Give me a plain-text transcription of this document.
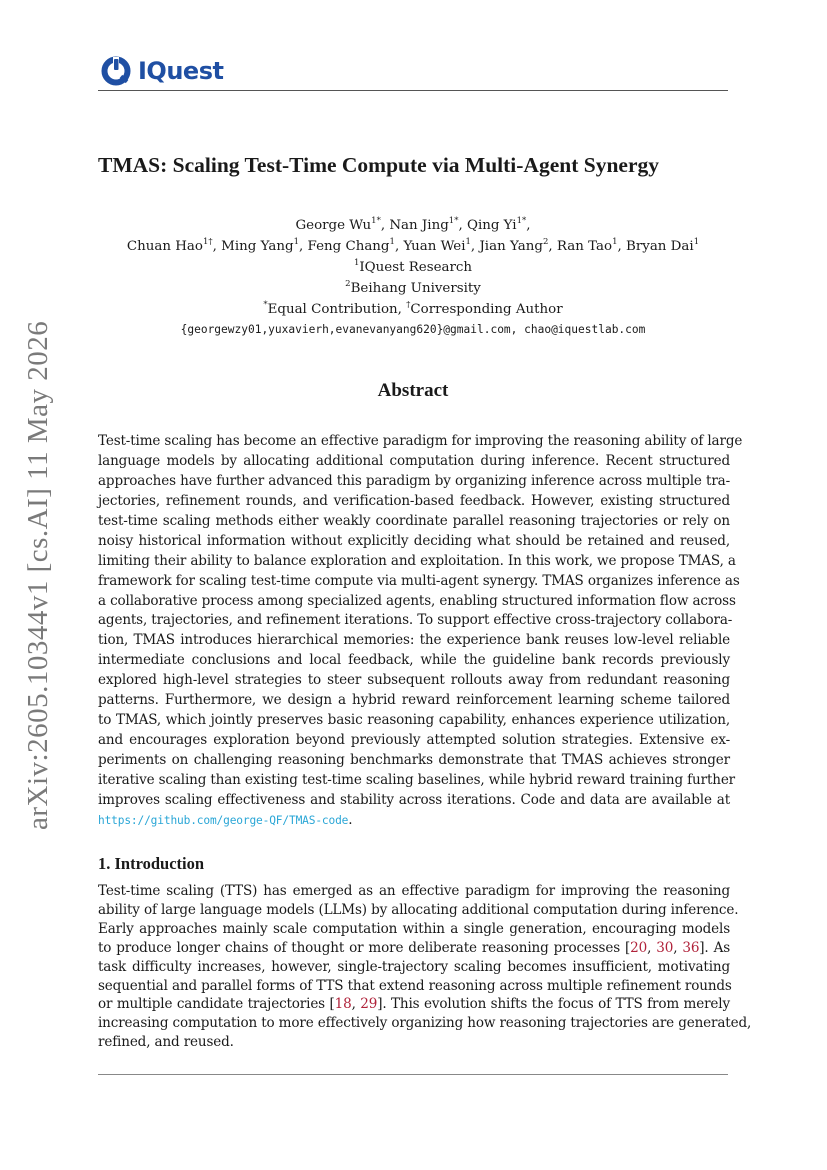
arXiv:2605.10344v1 [cs.AI] 11 May 2026
IQuest
TMAS: Scaling Test-Time Compute via Multi-Agent Synergy
George $Wu^{1*}$, Nan Jing$^{1*}$, Qing $Yi^{1*}$,
Chuan Hao$^{1\dagger}$, Ming Yang$^1$, Feng Chang$^1$, Yuan Wei$^1$, Jian Yang$^2$, Ran Tao$^1$, Bryan Dai$^1$
$^1$IQuest Research
$^2$Beihang University
*Equal Contribution, †Corresponding Author
{georgewzy01,yuxavierh,evanevanyang620}@gmail.com, chao@iquestlab.com
Abstract
Test-time scaling has become an effective paradigm for improving the reasoning ability of large
language models by allocating additional computation during inference. Recent structured
approaches have further advanced this paradigm by organizing inference across multiple tra-
jectories, refinement rounds, and verification-based feedback. However, existing structured
test-time scaling methods either weakly coordinate parallel reasoning trajectories or rely on
noisy historical information without explicitly deciding what should be retained and reused,
limiting their ability to balance exploration and exploitation. In this work, we propose TMAS, a
framework for scaling test-time compute via multi-agent synergy. TMAS organizes inference as
a collaborative process among specialized agents, enabling structured information flow across
agents, trajectories, and refinement iterations. To support effective cross-trajectory collabora-
tion, TMAS introduces hierarchical memories: the experience bank reuses low-level reliable
intermediate conclusions and local feedback, while the guideline bank records previously
explored high-level strategies to steer subsequent rollouts away from redundant reasoning
patterns. Furthermore, we design a hybrid reward reinforcement learning scheme tailored
to TMAS, which jointly preserves basic reasoning capability, enhances experience utilization,
and encourages exploration beyond previously attempted solution strategies. Extensive ex-
periments on challenging reasoning benchmarks demonstrate that TMAS achieves stronger
iterative scaling than existing test-time scaling baselines, while hybrid reward training further
improves scaling effectiveness and stability across iterations. Code and data are available at
https://github.com/george-QF/TMAS-code.
1. Introduction
Test-time scaling (TTS) has emerged as an effective paradigm for improving the reasoning
ability of large language models (LLMs) by allocating additional computation during inference.
Early approaches mainly scale computation within a single generation, encouraging models
to produce longer chains of thought or more deliberate reasoning processes [20, 30, 36]. As
task difficulty increases, however, single-trajectory scaling becomes insufficient, motivating
sequential and parallel forms of TTS that extend reasoning across multiple refinement rounds
or multiple candidate trajectories [18, 29]. This evolution shifts the focus of TTS from merely
increasing computation to more effectively organizing how reasoning trajectories are generated,
refined, and reused.
